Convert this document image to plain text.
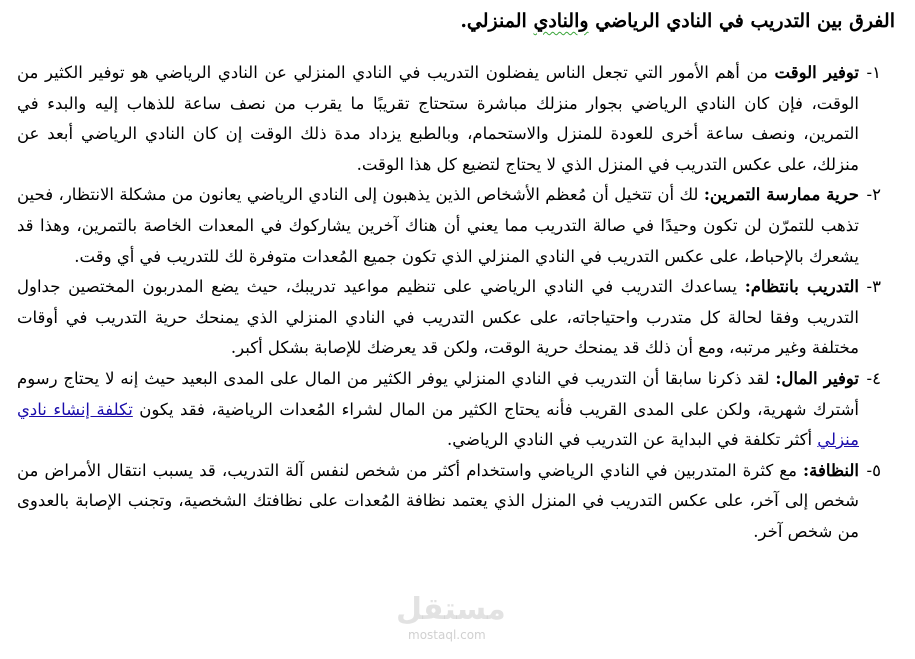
الفرق بين التدريب في النادي الرياضي والنادي المنزلي.
١-
توفير الوقت من أهم الأمور التي تجعل الناس يفضلون التدريب في النادي المنزلي عن النادي الرياضي هو توفير الكثير من الوقت، فإن كان النادي الرياضي بجوار منزلك مباشرة ستحتاج تقريبًا ما يقرب من نصف ساعة للذهاب إليه والبدء في التمرين، ونصف ساعة أخرى للعودة للمنزل والاستحمام، وبالطبع يزداد مدة ذلك الوقت إن كان النادي الرياضي أبعد عن منزلك، على عكس التدريب في المنزل الذي لا يحتاج لتضيع كل هذا الوقت.
٢-
حرية ممارسة التمرين: لك أن تتخيل أن مُعظم الأشخاص الذين يذهبون إلى النادي الرياضي يعانون من مشكلة الانتظار، فحين تذهب للتمرّن لن تكون وحيدًا في صالة التدريب مما يعني أن هناك آخرين يشاركوك في المعدات الخاصة بالتمرين، وهذا قد يشعرك بالإحباط، على عكس التدريب في النادي المنزلي الذي تكون جميع المُعدات متوفرة لك للتدريب في أي وقت.
٣-
التدريب بانتظام: يساعدك التدريب في النادي الرياضي على تنظيم مواعيد تدريبك، حيث يضع المدربون المختصين جداول التدريب وفقا لحالة كل متدرب واحتياجاته، على عكس التدريب في النادي المنزلي الذي يمنحك حرية التدريب في أوقات مختلفة وغير مرتبه، ومع أن ذلك قد يمنحك حرية الوقت، ولكن قد يعرضك للإصابة بشكل أكبر.
٤-
توفير المال: لقد ذكرنا سابقا أن التدريب في النادي المنزلي يوفر الكثير من المال على المدى البعيد حيث إنه لا يحتاج رسوم أشترك شهرية، ولكن على المدى القريب فأنه يحتاج الكثير من المال لشراء المُعدات الرياضية، فقد يكون تكلفة إنشاء نادي منزلي أكثر تكلفة في البداية عن التدريب في النادي الرياضي.
٥-
النظافة: مع كثرة المتدربين في النادي الرياضي واستخدام أكثر من شخص لنفس آلة التدريب، قد يسبب انتقال الأمراض من شخص إلى آخر، على عكس التدريب في المنزل الذي يعتمد نظافة المُعدات على نظافتك الشخصية، وتجنب الإصابة بالعدوى من شخص آخر.
مستقل
mostaql.com
